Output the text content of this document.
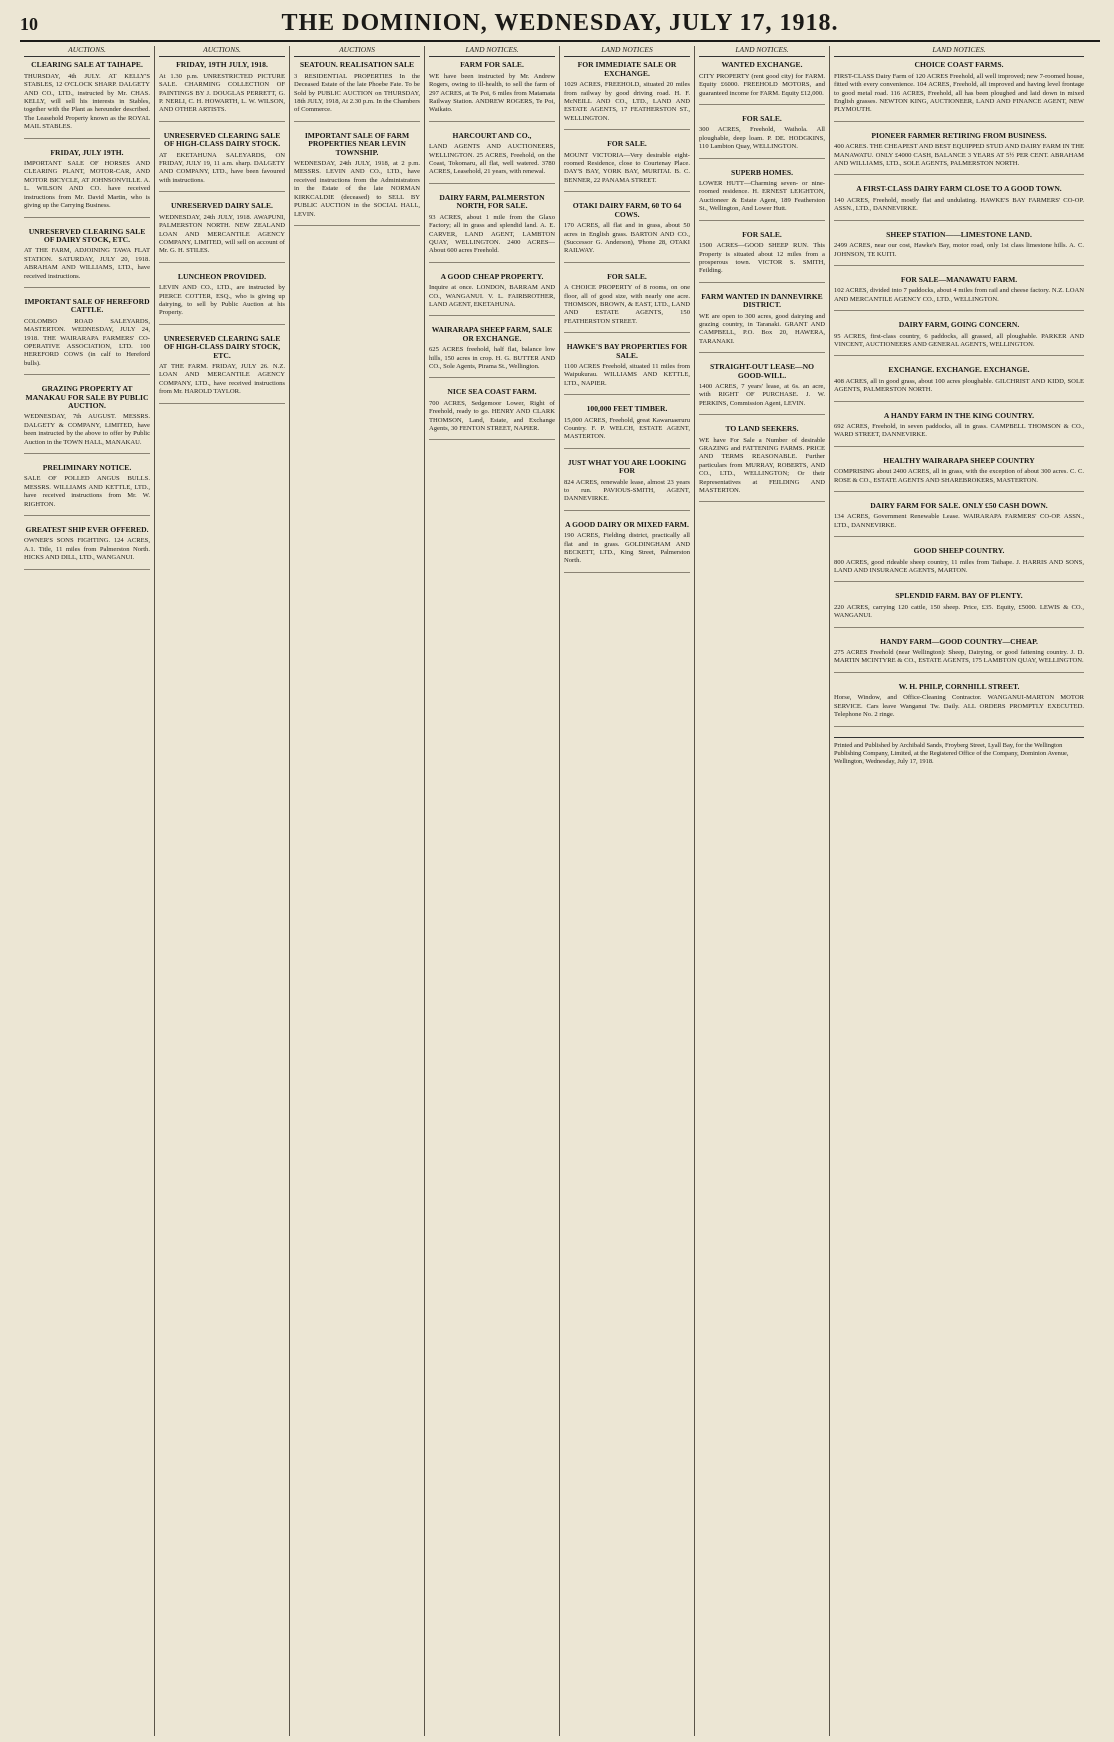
10	THE DOMINION, WEDNESDAY, JULY 17, 1918.
AUCTIONS.
CLEARING SALE AT TAIHAPE.
THURSDAY, 4th JULY. AT KELLY'S STABLES, 12 O'CLOCK SHARP. DALGETY AND CO., LTD., instructed by Mr. CHAS. KELLY, will sell his interests in Stables, together with the Plant as hereunder described. The Leasehold Property known as the ROYAL MAIL STABLES.
FRIDAY, JULY 19TH.
IMPORTANT SALE OF HORSES AND CLEARING PLANT, MOTOR-CAR, AND MOTOR BICYCLE, AT JOHNSONVILLE. A. L. WILSON AND CO. have received instructions from Mr. David Martin, who is giving up the Carrying Business.
UNRESERVED CLEARING SALE OF DAIRY STOCK, ETC.
AT THE FARM, ADJOINING TAWA FLAT STATION. SATURDAY, JULY 20, 1918. ABRAHAM AND WILLIAMS, LTD., have received instructions.
IMPORTANT SALE OF HEREFORD CATTLE.
COLOMBO ROAD SALEYARDS, MASTERTON. WEDNESDAY, JULY 24, 1918. THE WAIRARAPA FARMERS' CO-OPERATIVE ASSOCIATION, LTD. 100 HEREFORD COWS (in calf to Hereford bulls).
GRAZING PROPERTY AT MANAKAU FOR SALE BY PUBLIC AUCTION.
WEDNESDAY, 7th AUGUST. MESSRS. DALGETY & COMPANY, LIMITED, have been instructed by the above to offer by Public Auction in the TOWN HALL, MANAKAU.
PRELIMINARY NOTICE.
SALE OF POLLED ANGUS BULLS. MESSRS. WILLIAMS AND KETTLE, LTD., have received instructions from Mr. W. RIGHTON.
GREATEST SHIP EVER OFFERED.
OWNER'S SONS FIGHTING. 124 ACRES, A.1. Title, 11 miles from Palmerston North. HICKS AND DILL, LTD., WANGANUI.
AUCTIONS.
FRIDAY, 19TH JULY, 1918.
At 1.30 p.m. UNRESTRICTED PICTURE SALE. CHARMING COLLECTION OF PAINTINGS BY J. DOUGLAS PERRETT, G. P. NERLI, C. H. HOWARTH, L. W. WILSON, AND OTHER ARTISTS.
UNRESERVED CLEARING SALE OF HIGH-CLASS DAIRY STOCK.
AT EKETAHUNA SALEYARDS, ON FRIDAY, JULY 19, 11 a.m. sharp. DALGETY AND COMPANY, LTD., have been favoured with instructions.
UNRESERVED DAIRY SALE.
WEDNESDAY, 24th JULY, 1918. AWAPUNI, PALMERSTON NORTH. NEW ZEALAND LOAN AND MERCANTILE AGENCY COMPANY, LIMITED, will sell on account of Mr. G. H. STILES.
LUNCHEON PROVIDED.
LEVIN AND CO., LTD., are instructed by PIERCE COTTER, ESQ., who is giving up dairying, to sell by Public Auction at his Property.
UNRESERVED CLEARING SALE OF HIGH-CLASS DAIRY STOCK, ETC.
AT THE FARM. FRIDAY, JULY 26. N.Z. LOAN AND MERCANTILE AGENCY COMPANY, LTD., have received instructions from Mr. HAROLD TAYLOR.
AUCTIONS
SEATOUN. REALISATION SALE
3 RESIDENTIAL PROPERTIES In the Deceased Estate of the late Phoebe Fate. To be Sold by PUBLIC AUCTION on THURSDAY, 18th JULY, 1918, At 2.30 p.m. In the Chambers of Commerce.
IMPORTANT SALE OF FARM PROPERTIES NEAR LEVIN TOWNSHIP.
WEDNESDAY, 24th JULY, 1918, at 2 p.m. MESSRS. LEVIN AND CO., LTD., have received instructions from the Administrators in the Estate of the late NORMAN KIRKCALDIE (deceased) to SELL BY PUBLIC AUCTION in the SOCIAL HALL, LEVIN.
LAND NOTICES.
FARM FOR SALE.
WE have been instructed by Mr. Andrew Rogers, owing to ill-health, to sell the farm of 297 ACRES, at Te Poi, 6 miles from Matamata Railway Station. ANDREW ROGERS, Te Poi, Waikato.
HARCOURT AND CO.,
LAND AGENTS AND AUCTIONEERS, WELLINGTON. 25 ACRES, Freehold, on the Coast, Tokomaru, all flat, well watered. 3780 ACRES, Leasehold, 21 years, with renewal.
DAIRY FARM, PALMERSTON NORTH, FOR SALE.
93 ACRES, about 1 mile from the Glaxo Factory; all in grass and splendid land. A. E. CARVER, LAND AGENT, LAMBTON QUAY, WELLINGTON. 2400 ACRES—About 600 acres Freehold.
A GOOD CHEAP PROPERTY.
Inquire at once. LONDON, BARRAM AND CO., WANGANUI. V. L. FAIRBROTHER, LAND AGENT, EKETAHUNA.
WAIRARAPA SHEEP FARM, SALE OR EXCHANGE.
625 ACRES freehold, half flat, balance low hills, 150 acres in crop. H. G. BUTTER AND CO., Sole Agents, Pirama St., Wellington.
NICE SEA COAST FARM.
700 ACRES, Sedgemoor Lower, Right of Freehold, ready to go. HENRY AND CLARK THOMSON, Land, Estate, and Exchange Agents, 30 FENTON STREET, NAPIER.
LAND NOTICES
FOR IMMEDIATE SALE OR EXCHANGE.
1029 ACRES, FREEHOLD, situated 20 miles from railway by good driving road. H. F. McNEILL AND CO., LTD., LAND AND ESTATE AGENTS, 17 FEATHERSTON ST., WELLINGTON.
FOR SALE.
MOUNT VICTORIA—Very desirable eight-roomed Residence, close to Courtenay Place. DAY'S BAY, YORK BAY, MURITAI. B. C. BENNER, 22 PANAMA STREET.
OTAKI DAIRY FARM, 60 TO 64 COWS.
170 ACRES, all flat and in grass, about 50 acres in English grass. BARTON AND CO., (Successor G. Anderson), 'Phone 28, OTAKI RAILWAY.
FOR SALE.
A CHOICE PROPERTY of 8 rooms, on one floor, all of good size, with nearly one acre. THOMSON, BROWN, & EAST, LTD., LAND AND ESTATE AGENTS, 150 FEATHERSTON STREET.
HAWKE'S BAY PROPERTIES FOR SALE.
1100 ACRES Freehold, situated 11 miles from Waipukurau. WILLIAMS AND KETTLE, LTD., NAPIER.
100,000 FEET TIMBER.
15,000 ACRES, Freehold, great Kawaruaeruru Country. F. P. WELCH, ESTATE AGENT, MASTERTON.
JUST WHAT YOU ARE LOOKING FOR
824 ACRES, renewable lease, almost 23 years to run. PAVIOUS-SMITH, AGENT, DANNEVIRKE.
A GOOD DAIRY OR MIXED FARM.
190 ACRES, Fielding district, practically all flat and in grass. GOLDINGHAM AND BECKETT, LTD., King Street, Palmerston North.
LAND NOTICES.
WANTED EXCHANGE.
CITY PROPERTY (rent good city) for FARM. Equity £6000. FREEHOLD MOTORS, and guaranteed income for FARM. Equity £12,000.
FOR SALE.
300 ACRES, Freehold, Waihola. All ploughable, deep loam. P. DE. HODGKINS, 110 Lambton Quay, WELLINGTON.
SUPERB HOMES.
LOWER HUTT—Charming seven- or nine-roomed residence. H. ERNEST LEIGHTON, Auctioneer & Estate Agent, 189 Featherston St., Wellington, And Lower Hutt.
FOR SALE.
1500 ACRES—GOOD SHEEP RUN. This Property is situated about 12 miles from a prosperous town. VICTOR S. SMITH, Feilding.
FARM WANTED IN DANNEVIRKE DISTRICT.
WE are open to 300 acres, good dairying and grazing country, in Taranaki. GRANT AND CAMPBELL, P.O. Box 20, HAWERA, TARANAKI.
STRAIGHT-OUT LEASE—NO GOOD-WILL.
1400 ACRES, 7 years' lease, at 6s. an acre, with RIGHT OF PURCHASE. J. W. PERKINS, Commission Agent, LEVIN.
TO LAND SEEKERS.
WE have For Sale a Number of desirable GRAZING and FATTENING FARMS. PRICE AND TERMS REASONABLE. Further particulars from MURRAY, ROBERTS, AND CO., LTD., WELLINGTON; Or their Representatives at FEILDING AND MASTERTON.
LAND NOTICES.
CHOICE COAST FARMS.
FIRST-CLASS Dairy Farm of 120 ACRES Freehold, all well improved; new 7-roomed house, fitted with every convenience. 104 ACRES, Freehold, all improved and having level frontage to good metal road. 116 ACRES, Freehold, all has been ploughed and laid down in mixed English grasses. NEWTON KING, AUCTIONEER, LAND AND FINANCE AGENT, NEW PLYMOUTH.
PIONEER FARMER RETIRING FROM BUSINESS.
400 ACRES. THE CHEAPEST AND BEST EQUIPPED STUD AND DAIRY FARM IN THE MANAWATU. ONLY £4000 CASH, BALANCE 3 YEARS AT 5½ PER CENT. ABRAHAM AND WILLIAMS, LTD., SOLE AGENTS, PALMERSTON NORTH.
A FIRST-CLASS DAIRY FARM CLOSE TO A GOOD TOWN.
140 ACRES, Freehold, mostly flat and undulating. HAWKE'S BAY FARMERS' CO-OP. ASSN., LTD., DANNEVIRKE.
SHEEP STATION——LIMESTONE LAND.
2499 ACRES, near our cost, Hawke's Bay, motor road, only 1st class limestone hills. A. C. JOHNSON, TE KUITI.
FOR SALE—MANAWATU FARM.
102 ACRES, divided into 7 paddocks, about 4 miles from rail and cheese factory. N.Z. LOAN AND MERCANTILE AGENCY CO., LTD., WELLINGTON.
DAIRY FARM, GOING CONCERN.
95 ACRES, first-class country, 6 paddocks, all grassed, all ploughable. PARKER AND VINCENT, AUCTIONEERS AND GENERAL AGENTS, WELLINGTON.
EXCHANGE. EXCHANGE. EXCHANGE.
408 ACRES, all in good grass, about 100 acres ploughable. GILCHRIST AND KIDD, SOLE AGENTS, PALMERSTON NORTH.
A HANDY FARM IN THE KING COUNTRY.
692 ACRES, Freehold, in seven paddocks, all in grass. CAMPBELL THOMSON & CO., WARD STREET, DANNEVIRKE.
HEALTHY WAIRARAPA SHEEP COUNTRY
COMPRISING about 2400 ACRES, all in grass, with the exception of about 300 acres. C. C. ROSE & CO., ESTATE AGENTS AND SHAREBROKERS, MASTERTON.
DAIRY FARM FOR SALE. ONLY £50 CASH DOWN.
134 ACRES, Government Renewable Lease. WAIRARAPA FARMERS' CO-OP. ASSN., LTD., DANNEVIRKE.
GOOD SHEEP COUNTRY.
800 ACRES, good rideable sheep country, 11 miles from Taihape. J. HARRIS AND SONS, LAND AND INSURANCE AGENTS, MARTON.
SPLENDID FARM. BAY OF PLENTY.
220 ACRES, carrying 120 cattle, 150 sheep. Price, £35. Equity, £5000. LEWIS & CO., WANGANUI.
HANDY FARM—GOOD COUNTRY—CHEAP.
275 ACRES Freehold (near Wellington): Sheep, Dairying, or good fattening country. J. D. MARTIN MCINTYRE & CO., ESTATE AGENTS, 175 LAMBTON QUAY, WELLINGTON.
W. H. PHILP, CORNHILL STREET.
Horse, Window, and Office-Cleaning Contractor. WANGANUI-MARTON MOTOR SERVICE. Cars leave Wanganui Tw. Daily. ALL ORDERS PROMPTLY EXECUTED. Telephone No. 2 ringe.
Printed and Published by Archibald Sands, Froyberg Street, Lyall Bay, for the Wellington Publishing Company, Limited, at the Registered Office of the Company, Dominion Avenue, Wellington, Wednesday, July 17, 1918.
